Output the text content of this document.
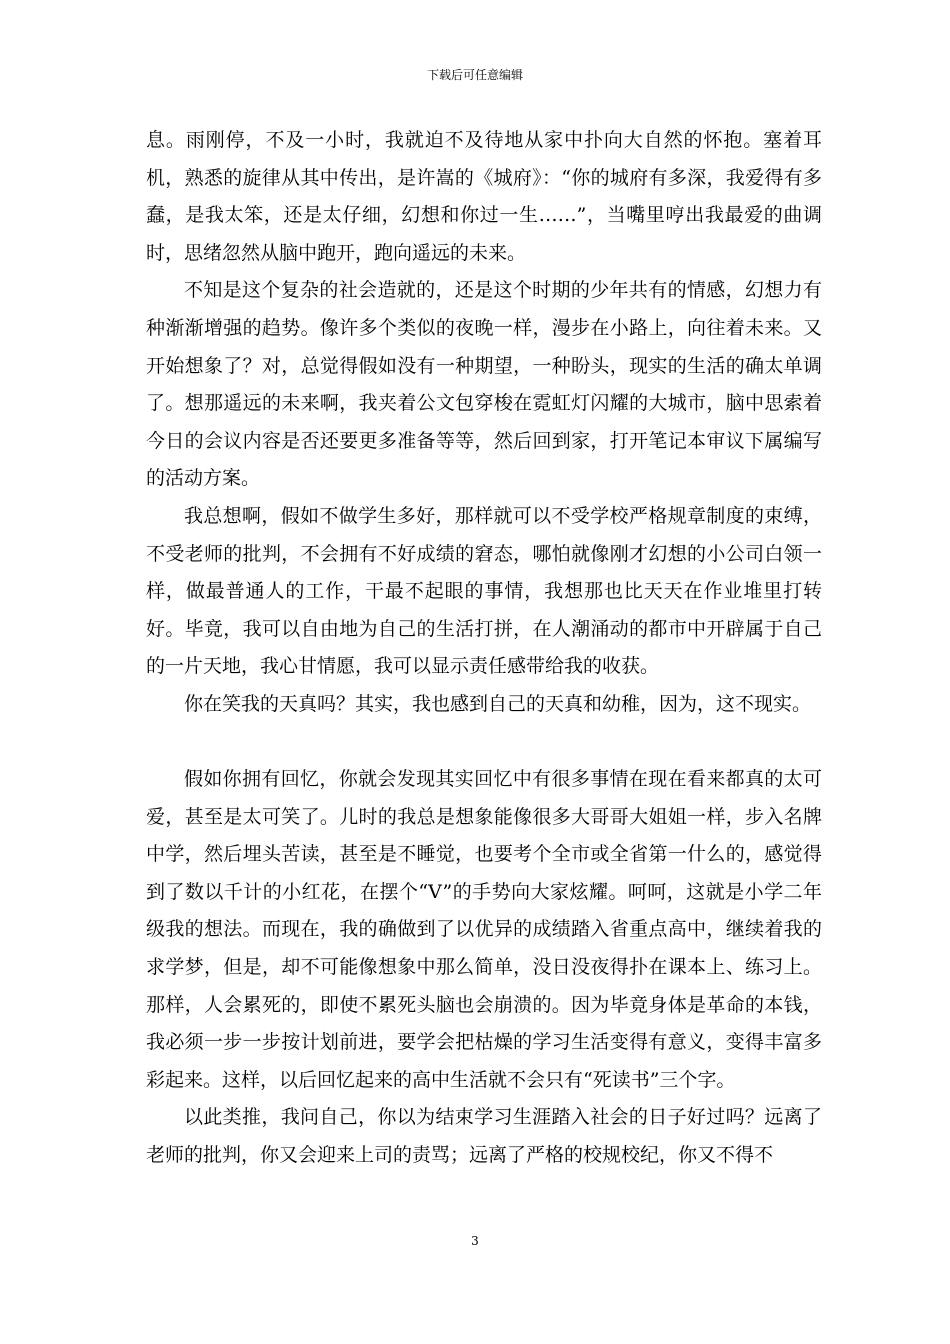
下载后可任意编辑

息。雨刚停，不及一小时，我就迫不及待地从家中扑向大自然的怀抱。塞着耳机，熟悉的旋律从其中传出，是许嵩的《城府》：“你的城府有多深，我爱得有多蠢，是我太笨，还是太仔细，幻想和你过一生……”，当嘴里哼出我最爱的曲调时，思绪忽然从脑中跑开，跑向遥远的未来。

不知是这个复杂的社会造就的，还是这个时期的少年共有的情感，幻想力有种渐渐增强的趋势。像许多个类似的夜晚一样，漫步在小路上，向往着未来。又开始想象了？对，总觉得假如没有一种期望，一种盼头，现实的生活的确太单调了。想那遥远的未来啊，我夹着公文包穿梭在霓虹灯闪耀的大城市，脑中思索着今日的会议内容是否还要更多准备等等，然后回到家，打开笔记本审议下属编写的活动方案。

我总想啊，假如不做学生多好，那样就可以不受学校严格规章制度的束缚，不受老师的批判，不会拥有不好成绩的窘态，哪怕就像刚才幻想的小公司白领一样，做最普通人的工作，干最不起眼的事情，我想那也比天天在作业堆里打转好。毕竟，我可以自由地为自己的生活打拼，在人潮涌动的都市中开辟属于自己的一片天地，我心甘情愿，我可以显示责任感带给我的收获。

你在笑我的天真吗？其实，我也感到自己的天真和幼稚，因为，这不现实。

假如你拥有回忆，你就会发现其实回忆中有很多事情在现在看来都真的太可爱，甚至是太可笑了。儿时的我总是想象能像很多大哥哥大姐姐一样，步入名牌中学，然后埋头苦读，甚至是不睡觉，也要考个全市或全省第一什么的，感觉得到了数以千计的小红花，在摆个“V”的手势向大家炫耀。呵呵，这就是小学二年级我的想法。而现在，我的确做到了以优异的成绩踏入省重点高中，继续着我的求学梦，但是，却不可能像想象中那么简单，没日没夜得扑在课本上、练习上。那样，人会累死的，即使不累死头脑也会崩溃的。因为毕竟身体是革命的本钱，我必须一步一步按计划前进，要学会把枯燥的学习生活变得有意义，变得丰富多彩起来。这样，以后回忆起来的高中生活就不会只有“死读书”三个字。

以此类推，我问自己，你以为结束学习生涯踏入社会的日子好过吗？远离了老师的批判，你又会迎来上司的责骂；远离了严格的校规校纪，你又不得不

3
